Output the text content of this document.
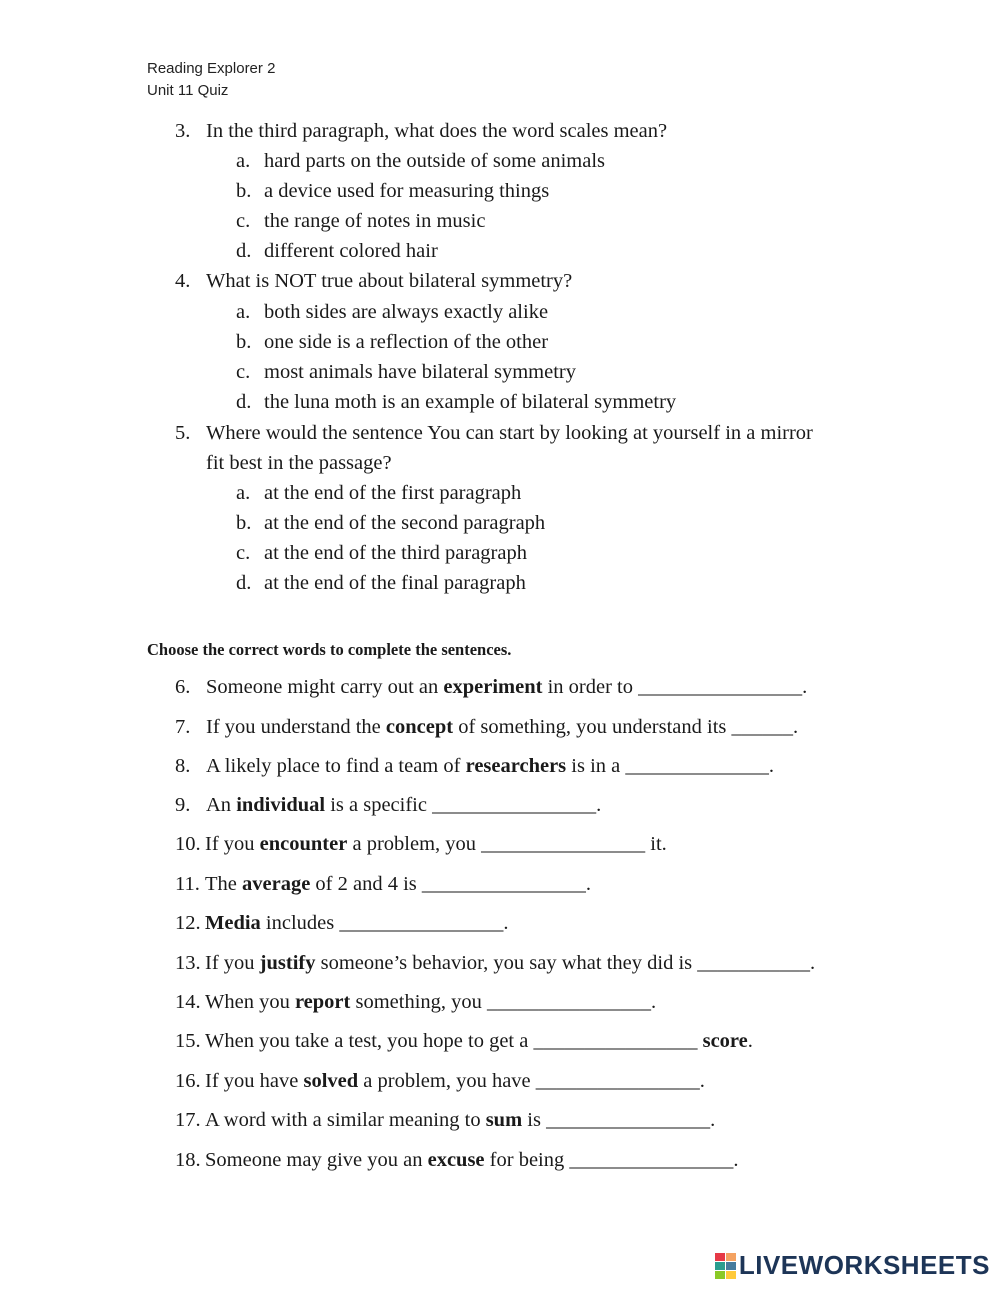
Reading Explorer 2
Unit 11 Quiz
3. In the third paragraph, what does the word scales mean?
a. hard parts on the outside of some animals
b. a device used for measuring things
c. the range of notes in music
d. different colored hair
4. What is NOT true about bilateral symmetry?
a. both sides are always exactly alike
b. one side is a reflection of the other
c. most animals have bilateral symmetry
d. the luna moth is an example of bilateral symmetry
5. Where would the sentence You can start by looking at yourself in a mirror
fit best in the passage?
a. at the end of the first paragraph
b. at the end of the second paragraph
c. at the end of the third paragraph
d. at the end of the final paragraph
Choose the correct words to complete the sentences.
6. Someone might carry out an experiment in order to ________________.
7. If you understand the concept of something, you understand its ______.
8. A likely place to find a team of researchers is in a ______________.
9. An individual is a specific ________________.
10. If you encounter a problem, you ________________ it.
11. The average of 2 and 4 is ________________.
12. Media includes ________________.
13. If you justify someone’s behavior, you say what they did is ___________.
14. When you report something, you ________________.
15. When you take a test, you hope to get a ________________ score.
16. If you have solved a problem, you have ________________.
17. A word with a similar meaning to sum is ________________.
18. Someone may give you an excuse for being ________________.
LIVEWORKSHEETS
